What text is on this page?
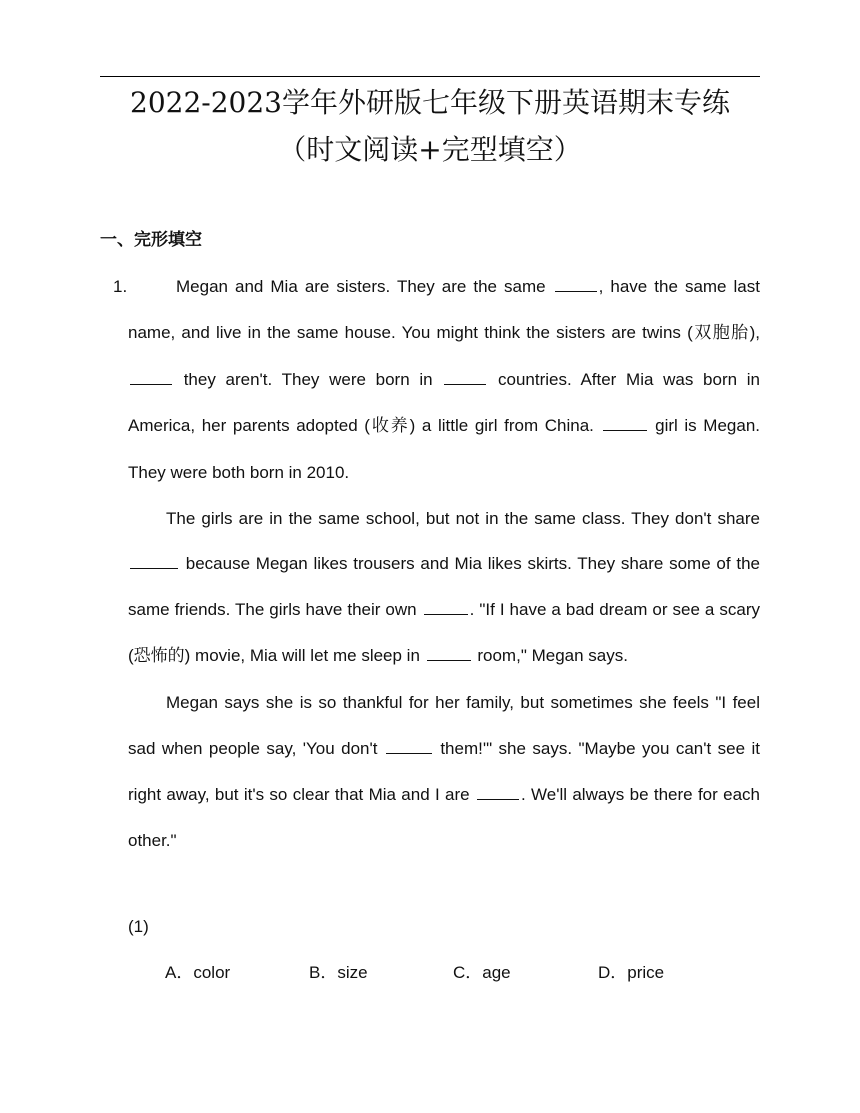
2022-2023学年外研版七年级下册英语期末专练
（时文阅读+完型填空）
一、完形填空
1.	Megan and Mia are sisters. They are the same	, have the same last name, and live in the same house. You might think the sisters are twins (双胞胎),  they aren't. They were born in	countries. After Mia was born in America, her parents adopted (收养) a little girl from China.	girl is Megan. They were both born in 2010.

The girls are in the same school, but not in the same class. They don't share  because Megan likes trousers and Mia likes skirts. They share some of the same friends. The girls have their own	. "If I have a bad dream or see a scary (恐怖的) movie, Mia will let me sleep in	room," Megan says.

Megan says she is so thankful for her family, but sometimes she feels "I feel sad when people say, 'You don't	them!'" she says. "Maybe you can't see it right away, but it's so clear that Mia and I are	. We'll always be there for each other."

(1)
A．color	B．size	C．age	D．price
